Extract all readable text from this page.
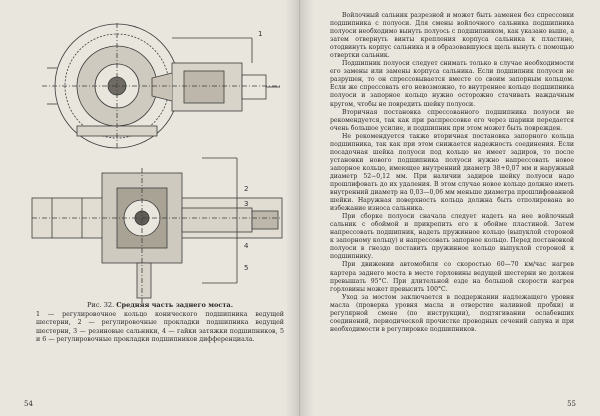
1
2
3
4
5
Рис. 32. Средняя часть заднего моста.
1 — регулировочное кольцо конического подшипника ведущей шестерни, 2 — регулировочные прокладки подшипника ведущей шестерни, 3 — резиновые сальники, 4 — гайки затяжки подшипников, 5 и 6 — регулировочные прокладки подшипников дифференциала.
54

Войлочный сальник разрезной и может быть заменен без спрессовки подшипника с полуоси. Для смены войлочного сальника подшипника полуоси необходимо вынуть полуось с подшипником, как указано выше, а затем отвернуть винты крепления корпуса сальника к пластине, отодвинуть корпус сальника и в образовавшуюся щель вынуть с помощью отвертки сальник.

Подшипник полуоси следует снимать только в случае необходимости его замены или замены корпуса сальника. Если подшипник полуоси не разрушен, то он спрессовывается вместе со своим запорным кольцом. Если же спрессовать его невозможно, то внутреннее кольцо подшипника полуоси и запорное кольцо нужно осторожно стачивать наждачным кругом, чтобы не повредить шейку полуоси.

Вторичная постановка спрессованного подшипника полуоси не рекомендуется, так как при распрессовке его через шарики передается очень большое усилие, и подшипник при этом может быть поврежден.

Не рекомендуется также вторичная постановка запорного кольца подшипника, так как при этом снижается надежность соединения. Если посадочная шейка полуоси под кольцо не имеет задиров, то после установки нового подшипника полуоси нужно напрессовать новое запорное кольцо, имеющее внутренний диаметр 38+0,07 мм и наружный диаметр 52−0,12 мм. При наличии задиров шейку полуоси надо прошлифовать до их удаления. В этом случае новое кольцо должно иметь внутренний диаметр на 0,03—0,06 мм меньше диаметра прошлифованной шейки. Наружная поверхность кольца должна быть отполирована во избежание износа сальника.

При сборке полуоси сначала следует надеть на нее войлочный сальник с обоймой и прикрепить его к обойме пластиной. Затем напрессовать подшипник, надеть пружинное кольцо (выпуклой стороной к запорному кольцу) и напрессовать запорное кольцо. Перед постановкой полуоси в гнездо поставить пружинное кольцо выпуклой стороной к подшипнику.

При движении автомобиля со скоростью 60—70 км/час нагрев картера заднего моста в месте горловины ведущей шестерни не должен превышать 95°С. При длительной езде на большой скорости нагрев горловины может превысить 100°С.

Уход за мостом заключается в поддержании надлежащего уровня масла (проверка уровня масла и отверстие наливной пробки) и регулярной смене (по инструкции), подтягивании ослабевших соединений, периодической прочистке проводных сечений сапуна и при необходимости в регулировке подшипников.

55
